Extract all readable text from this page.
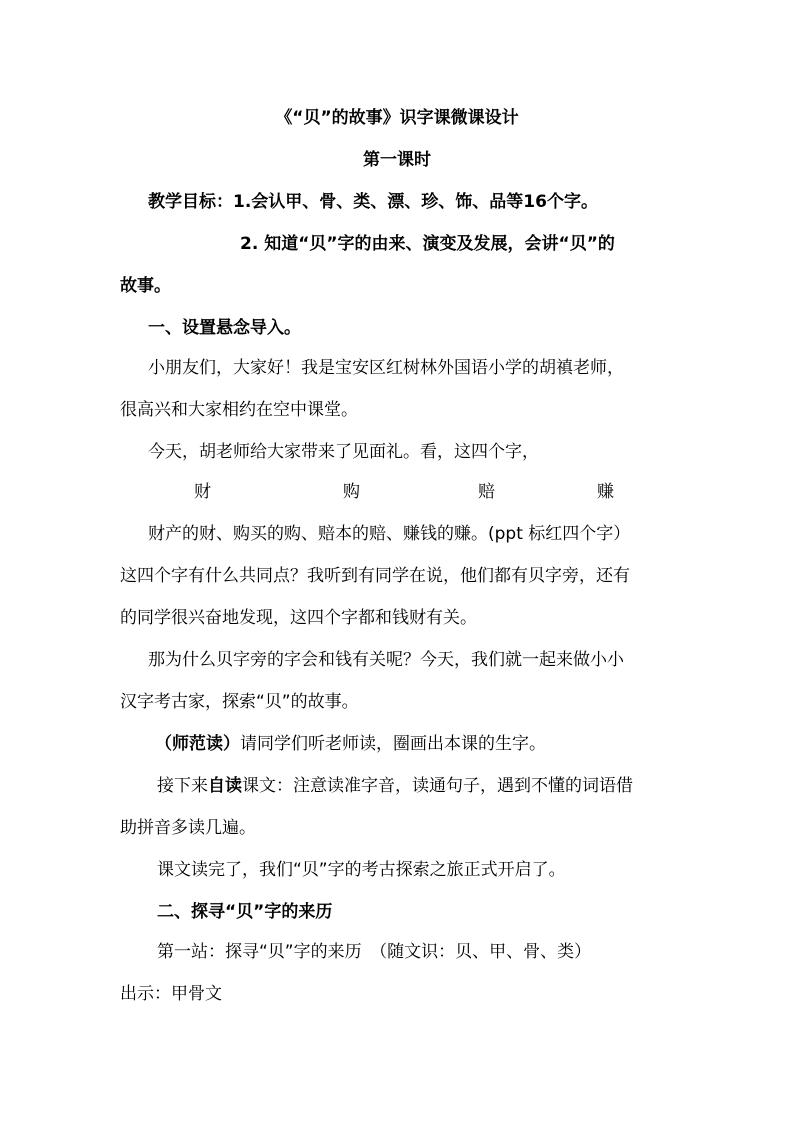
《“贝”的故事》识字课微课设计
第一课时
教学目标：1.会认甲、骨、类、漂、珍、饰、品等16个字。
2. 知道“贝”字的由来、演变及发展，会讲“贝”的
故事。
一、设置悬念导入。
小朋友们，大家好！我是宝安区红树林外国语小学的胡禛老师，
很高兴和大家相约在空中课堂。
今天，胡老师给大家带来了见面礼。看，这四个字，
财	购	赔	赚
财产的财、购买的购、赔本的赔、赚钱的赚。(ppt 标红四个字）
这四个字有什么共同点？我听到有同学在说，他们都有贝字旁，还有
的同学很兴奋地发现，这四个字都和钱财有关。
那为什么贝字旁的字会和钱有关呢？今天，我们就一起来做小小
汉字考古家，探索“贝”的故事。
（师范读）请同学们听老师读，圈画出本课的生字。
接下来自读课文：注意读准字音，读通句子，遇到不懂的词语借
助拼音多读几遍。
课文读完了，我们“贝”字的考古探索之旅正式开启了。
二、探寻“贝”字的来历
第一站：探寻“贝”字的来历　（随文识：贝、甲、骨、类）
出示：甲骨文
